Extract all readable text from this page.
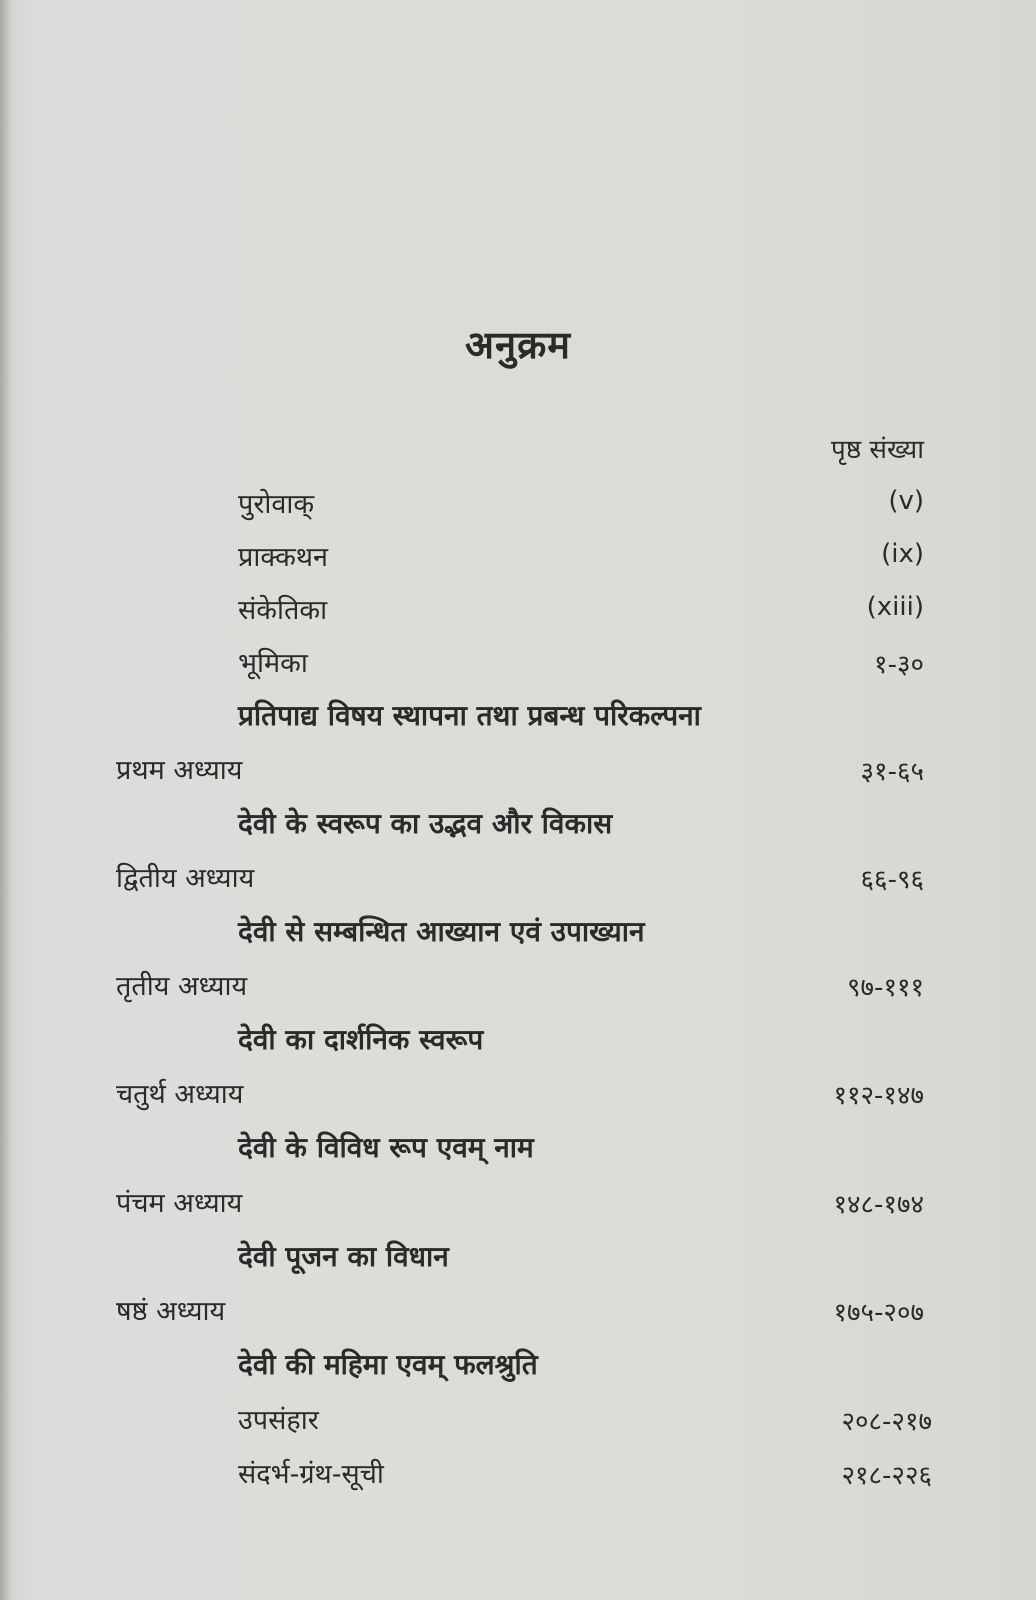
अनुक्रम
पृष्ठ संख्या
पुरोवाक्	(v)
प्राक्कथन	(ix)
संकेतिका	(xiii)
भूमिका	१-३०
प्रतिपाद्य विषय स्थापना तथा प्रबन्ध परिकल्पना
प्रथम अध्याय	३१-६५
देवी के स्वरूप का उद्भव और विकास
द्वितीय अध्याय	६६-९६
देवी से सम्बन्धित आख्यान एवं उपाख्यान
तृतीय अध्याय	९७-१११
देवी का दार्शनिक स्वरूप
चतुर्थ अध्याय	११२-१४७
देवी के विविध रूप एवम् नाम
पंचम अध्याय	१४८-१७४
देवी पूजन का विधान
षष्ठं अध्याय	१७५-२०७
देवी की महिमा एवम् फलश्रुति
उपसंहार	२०८-२१७
संदर्भ-ग्रंथ-सूची	२१८-२२६
